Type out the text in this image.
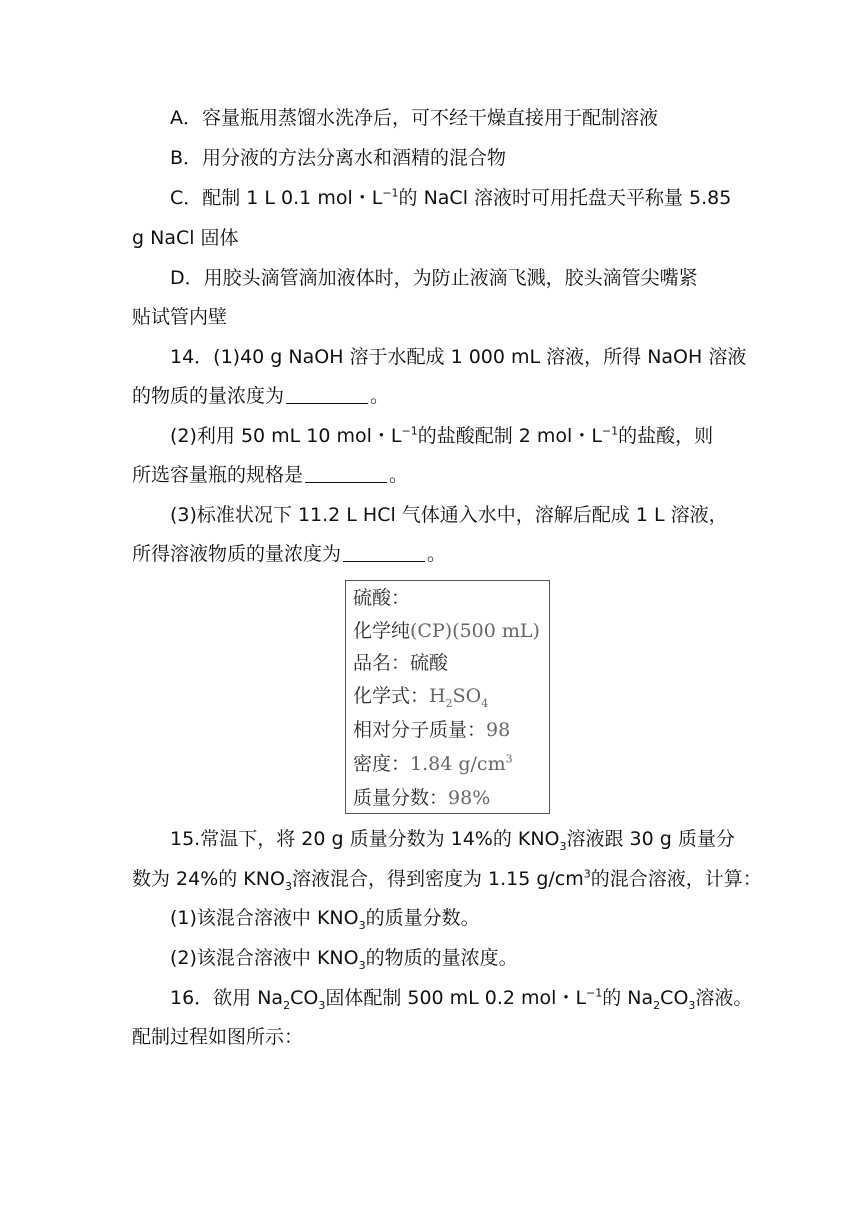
A．容量瓶用蒸馏水洗净后，可不经干燥直接用于配制溶液
B．用分液的方法分离水和酒精的混合物
C．配制 1 L 0.1 mol・$L^{-1}$的 NaCl 溶液时可用托盘天平称量 5.85
g NaCl 固体
D．用胶头滴管滴加液体时，为防止液滴飞溅，胶头滴管尖嘴紧
贴试管内壁
14．(1)40 g NaOH 溶于水配成 1 000 mL 溶液，所得 NaOH 溶液
的物质的量浓度为	。
(2)利用 50 mL 10 mol・$L^{-1}$的盐酸配制 2 mol・$L^{-1}$的盐酸，则
所选容量瓶的规格是	。
(3)标准状况下 11.2 L HCl 气体通入水中，溶解后配成 1 L 溶液，
所得溶液物质的量浓度为	。
硫酸：
化学纯(CP)(500 mL)
品名：硫酸
化学式：$H_2SO_4$
相对分子质量：98
密度：1.84 $g/cm^3$
质量分数：98%
15.常温下，将 20 g 质量分数为 14%的 $KNO_3$溶液跟 30 g 质量分
数为 24%的 $KNO_3$溶液混合，得到密度为 1.15 $g/cm^3$的混合溶液，计算：
(1)该混合溶液中 $KNO_3$的质量分数。
(2)该混合溶液中 $KNO_3$的物质的量浓度。
16．欲用 $Na_2CO_3$固体配制 500 mL 0.2 mol・$L^{-1}$的 $Na_2CO_3$溶液。
配制过程如图所示：
